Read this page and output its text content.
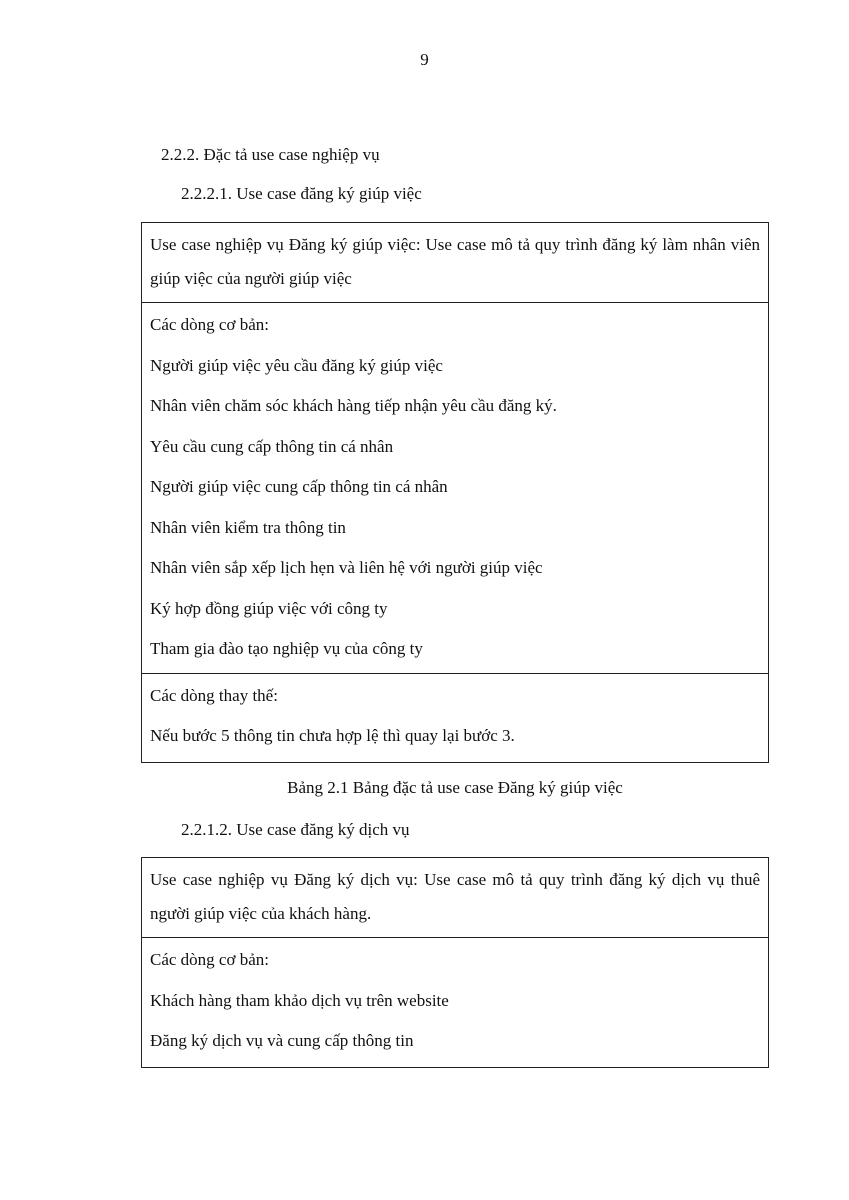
9
2.2.2. Đặc tả use case nghiệp vụ
2.2.2.1. Use case đăng ký giúp việc
Use case nghiệp vụ Đăng ký giúp việc: Use case mô tả quy trình đăng ký làm nhân viên giúp việc của người giúp việc

Các dòng cơ bản:
Người giúp việc yêu cầu đăng ký giúp việc
Nhân viên chăm sóc khách hàng tiếp nhận yêu cầu đăng ký.
Yêu cầu cung cấp thông tin cá nhân
Người giúp việc cung cấp thông tin cá nhân
Nhân viên kiểm tra thông tin
Nhân viên sắp xếp lịch hẹn và liên hệ với người giúp việc
Ký hợp đồng giúp việc với công ty
Tham gia đào tạo nghiệp vụ của công ty

Các dòng thay thế:
Nếu bước 5 thông tin chưa hợp lệ thì quay lại bước 3.
Bảng 2.1 Bảng đặc tả use case Đăng ký giúp việc
2.2.1.2. Use case đăng ký dịch vụ
Use case nghiệp vụ Đăng ký dịch vụ: Use case mô tả quy trình đăng ký dịch vụ thuê người giúp việc của khách hàng.

Các dòng cơ bản:
Khách hàng tham khảo dịch vụ trên website
Đăng ký dịch vụ và cung cấp thông tin
